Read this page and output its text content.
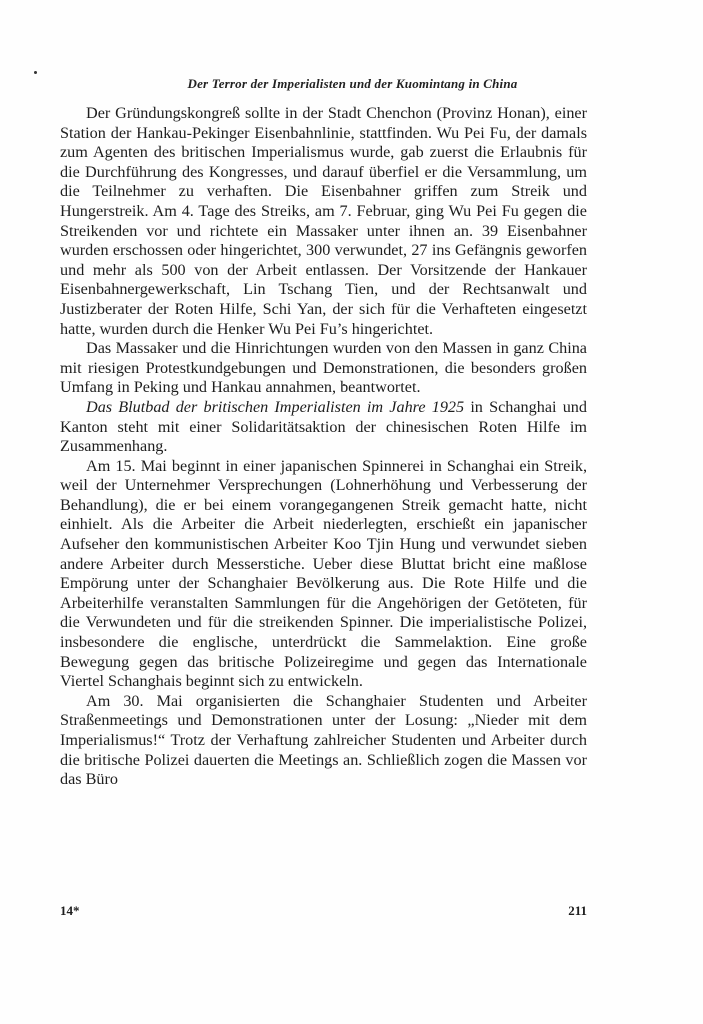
Der Terror der Imperialisten und der Kuomintang in China

Der Gründungskongreß sollte in der Stadt Chenchon (Provinz Honan), einer Station der Hankau-Pekinger Eisenbahnlinie, stattfinden. Wu Pei Fu, der damals zum Agenten des britischen Imperialismus wurde, gab zuerst die Erlaubnis für die Durchführung des Kongresses, und darauf überfiel er die Versammlung, um die Teilnehmer zu verhaften. Die Eisenbahner griffen zum Streik und Hungerstreik. Am 4. Tage des Streiks, am 7. Februar, ging Wu Pei Fu gegen die Streikenden vor und richtete ein Massaker unter ihnen an. 39 Eisenbahner wurden erschossen oder hingerichtet, 300 verwundet, 27 ins Gefängnis geworfen und mehr als 500 von der Arbeit entlassen. Der Vorsitzende der Hankauer Eisenbahnergewerkschaft, Lin Tschang Tien, und der Rechtsanwalt und Justizberater der Roten Hilfe, Schi Yan, der sich für die Verhafteten eingesetzt hatte, wurden durch die Henker Wu Pei Fu’s hingerichtet.

Das Massaker und die Hinrichtungen wurden von den Massen in ganz China mit riesigen Protestkundgebungen und Demonstrationen, die besonders großen Umfang in Peking und Hankau annahmen, beantwortet.

Das Blutbad der britischen Imperialisten im Jahre 1925 in Schanghai und Kanton steht mit einer Solidaritätsaktion der chinesischen Roten Hilfe im Zusammenhang.

Am 15. Mai beginnt in einer japanischen Spinnerei in Schanghai ein Streik, weil der Unternehmer Versprechungen (Lohnerhöhung und Verbesserung der Behandlung), die er bei einem vorangegangenen Streik gemacht hatte, nicht einhielt. Als die Arbeiter die Arbeit niederlegten, erschießt ein japanischer Aufseher den kommunistischen Arbeiter Koo Tjin Hung und verwundet sieben andere Arbeiter durch Messerstiche. Ueber diese Bluttat bricht eine maßlose Empörung unter der Schanghaier Bevölkerung aus. Die Rote Hilfe und die Arbeiterhilfe veranstalten Sammlungen für die Angehörigen der Getöteten, für die Verwundeten und für die streikenden Spinner. Die imperialistische Polizei, insbesondere die englische, unterdrückt die Sammelaktion. Eine große Bewegung gegen das britische Polizeiregime und gegen das Internationale Viertel Schanghais beginnt sich zu entwickeln.

Am 30. Mai organisierten die Schanghaier Studenten und Arbeiter Straßenmeetings und Demonstrationen unter der Losung: „Nieder mit dem Imperialismus!“ Trotz der Verhaftung zahlreicher Studenten und Arbeiter durch die britische Polizei dauerten die Meetings an. Schließlich zogen die Massen vor das Büro

14*	211
